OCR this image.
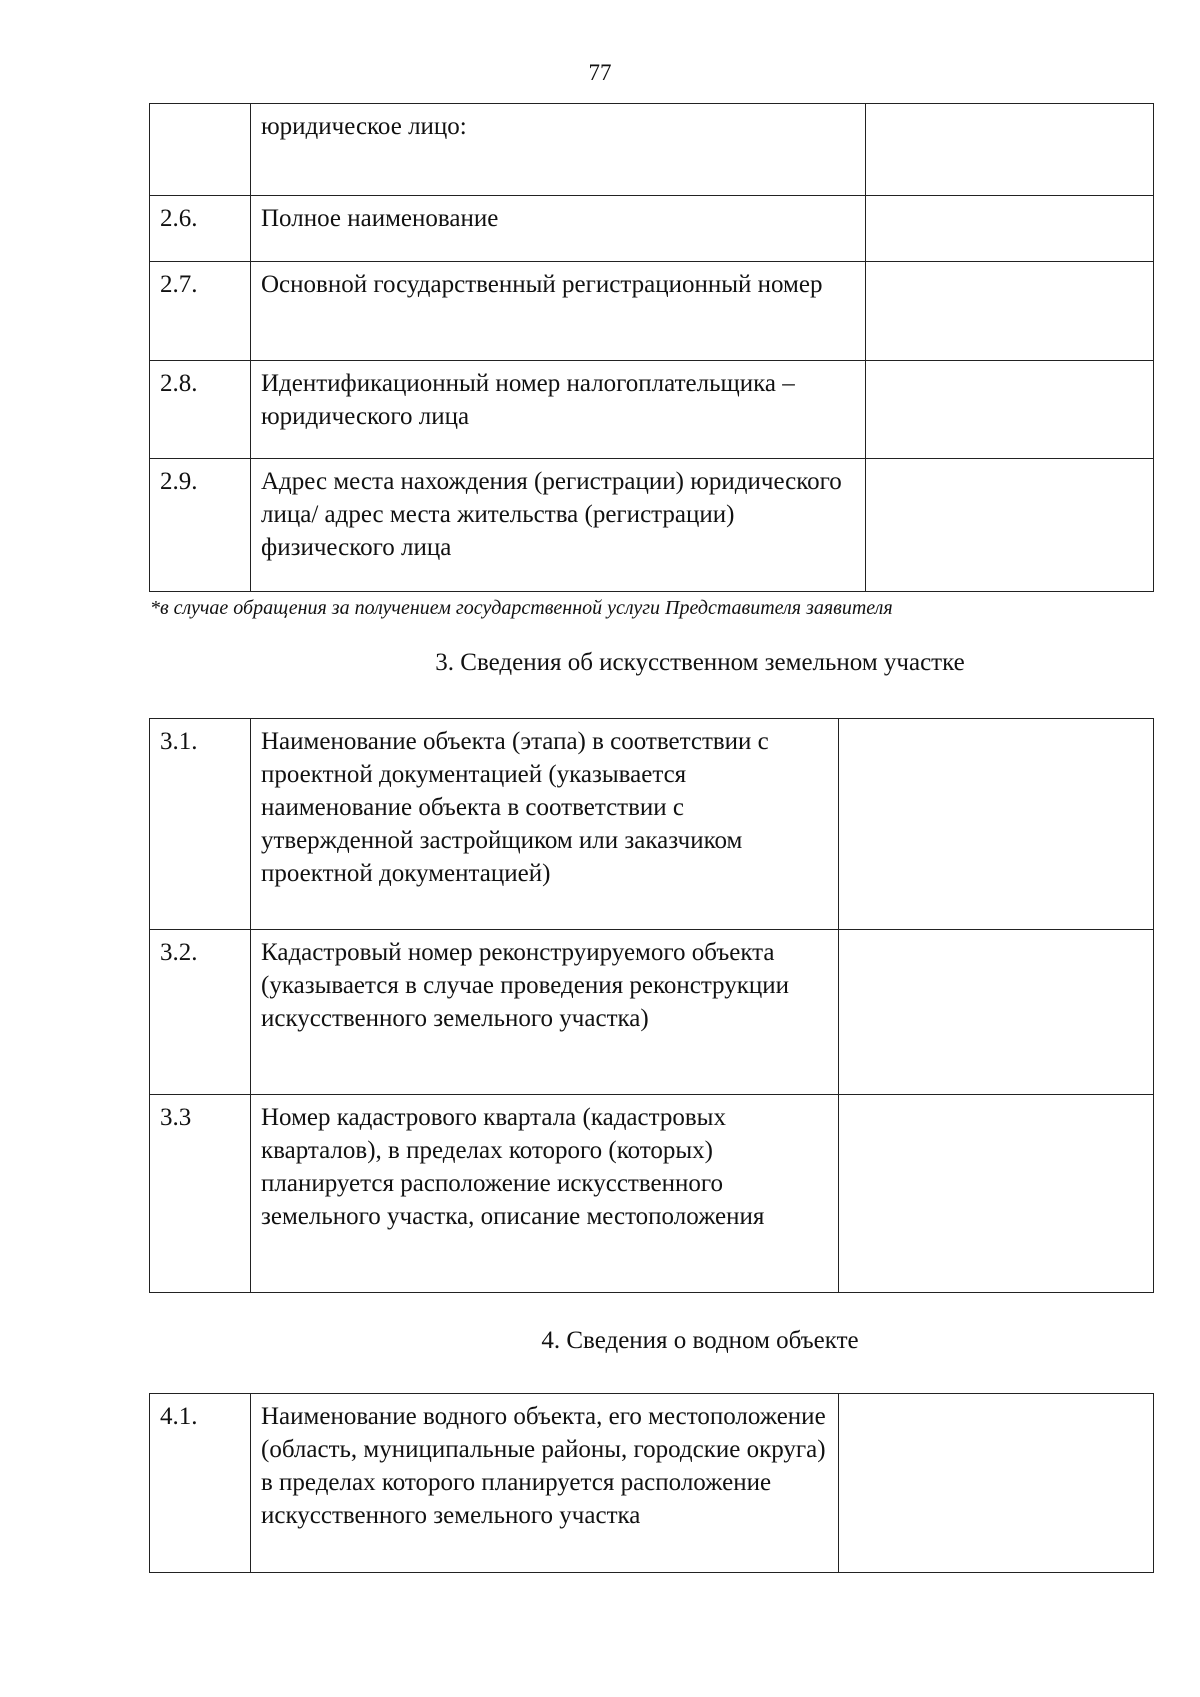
77
	юридическое лицо:	
2.6.	Полное наименование	
2.7.	Основной государственный регистрационный номер	
2.8.	Идентификационный номер налогоплательщика – юридического лица	
2.9.	Адрес места нахождения (регистрации) юридического лица/ адрес места жительства (регистрации) физического лица	
*в случае обращения за получением государственной услуги Представителя заявителя
3. Сведения об искусственном земельном участке
3.1.	Наименование объекта (этапа) в соответствии с проектной документацией (указывается наименование объекта в соответствии с утвержденной застройщиком или заказчиком проектной документацией)	
3.2.	Кадастровый номер реконструируемого объекта (указывается в случае проведения реконструкции искусственного земельного участка)	
3.3	Номер кадастрового квартала (кадастровых кварталов), в пределах которого (которых) планируется расположение искусственного земельного участка, описание местоположения	
4. Сведения о водном объекте
4.1.	Наименование водного объекта, его местоположение (область, муниципальные районы, городские округа) в пределах которого планируется расположение искусственного земельного участка	
